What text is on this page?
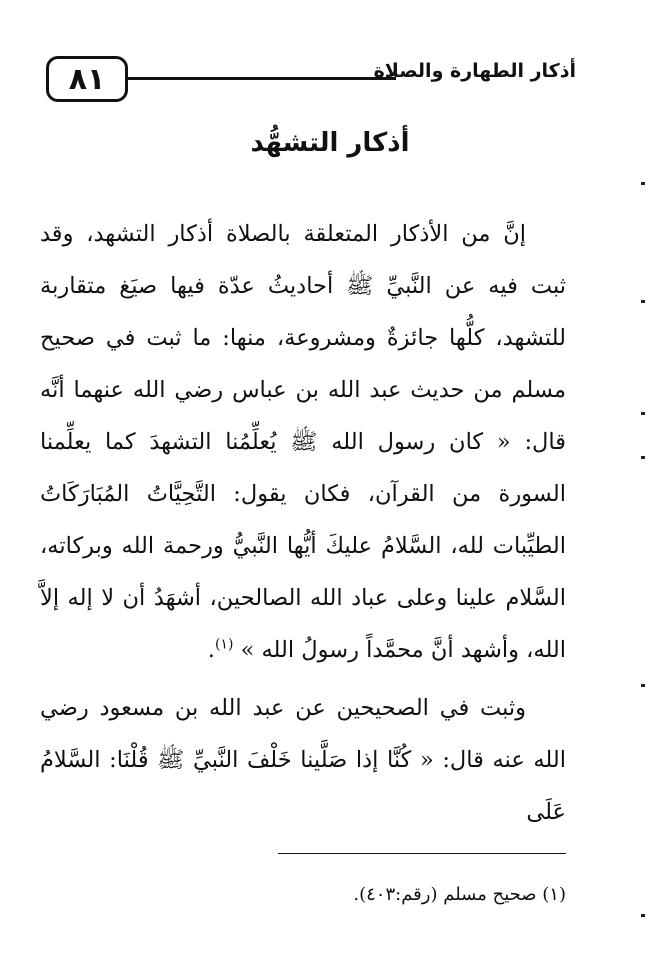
٨١	أذكار الطهارة والصلاة
أذكار التشهُّد

إنَّ من الأذكار المتعلقة بالصلاة أذكار التشهد، وقد ثبت فيه عن النَّبيِّ ﷺ أحاديثُ عدّة فيها صيَغ متقاربة للتشهد، كلُّها جائزةٌ ومشروعة، منها: ما ثبت في صحيح مسلم من حديث عبد الله بن عباس رضي الله عنهما أنَّه قال: « كان رسول الله ﷺ يُعلِّمُنا التشهدَ كما يعلِّمنا السورة من القرآن، فكان يقول: التَّحِيَّاتُ المُبَارَكَاتُ الطيِّبات لله، السَّلامُ عليكَ أيُّها النَّبيُّ ورحمة الله وبركاته، السَّلام علينا وعلى عباد الله الصالحين، أشهَدُ أن لا إله إلاَّ الله، وأشهد أنَّ محمَّداً رسولُ الله » $^{(١)}$.

وثبت في الصحيحين عن عبد الله بن مسعود رضي الله عنه قال: « كُنَّا إذا صَلَّينا خَلْفَ النَّبيِّ ﷺ قُلْنَا: السَّلامُ عَلَى

(١) صحيح مسلم (رقم:٤٠٣).
